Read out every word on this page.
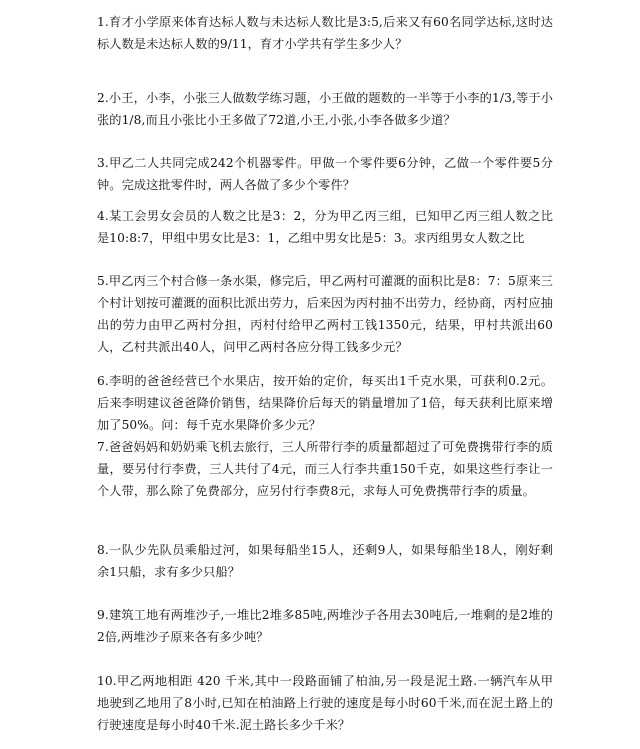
1.育才小学原来体育达标人数与未达标人数比是3:5,后来又有60名同学达标,这时达标人数是未达标人数的9/11，育才小学共有学生多少人？
2.小王，小李，小张三人做数学练习题，小王做的题数的一半等于小李的1/3,等于小张的1/8,而且小张比小王多做了72道,小王,小张,小李各做多少道？
3.甲乙二人共同完成242个机器零件。甲做一个零件要6分钟，乙做一个零件要5分钟。完成这批零件时，两人各做了多少个零件？
4.某工会男女会员的人数之比是3：2，分为甲乙丙三组，已知甲乙丙三组人数之比是10:8:7，甲组中男女比是3：1，乙组中男女比是5：3。求丙组男女人数之比
5.甲乙丙三个村合修一条水渠，修完后，甲乙两村可灌溉的面积比是8：7：5原来三个村计划按可灌溉的面积比派出劳力，后来因为丙村抽不出劳力，经协商，丙村应抽出的劳力由甲乙两村分担，丙村付给甲乙两村工钱1350元，结果，甲村共派出60人，乙村共派出40人，问甲乙两村各应分得工钱多少元？
6.李明的爸爸经营已个水果店，按开始的定价，每买出1千克水果，可获利0.2元。后来李明建议爸爸降价销售，结果降价后每天的销量增加了1倍，每天获利比原来增加了50%。问：每千克水果降价多少元？
7.爸爸妈妈和奶奶乘飞机去旅行，三人所带行李的质量都超过了可免费携带行李的质量，要另付行李费，三人共付了4元，而三人行李共重150千克，如果这些行李让一个人带，那么除了免费部分，应另付行李费8元，求每人可免费携带行李的质量。
8.一队少先队员乘船过河，如果每船坐15人，还剩9人，如果每船坐18人，刚好剩余1只船，求有多少只船？
9.建筑工地有两堆沙子,一堆比2堆多85吨,两堆沙子各用去30吨后,一堆剩的是2堆的2倍,两堆沙子原来各有多少吨？
10.甲乙两地相距 420 千米,其中一段路面铺了柏油,另一段是泥土路.一辆汽车从甲地驶到乙地用了8小时,已知在柏油路上行驶的速度是每小时60千米,而在泥土路上的行驶速度是每小时40千米.泥土路长多少千米？
